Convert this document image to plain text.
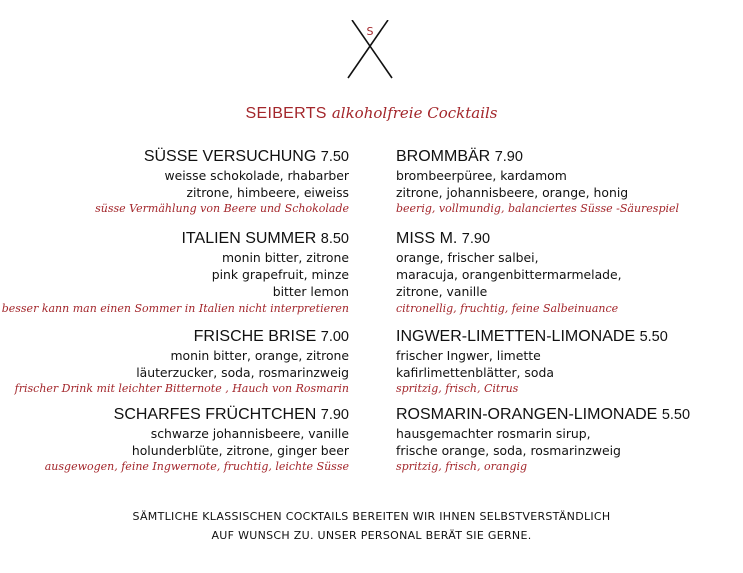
S
SEIBERTS alkoholfreie Cocktails
SÜSSE VERSUCHUNG 7.50
weisse schokolade, rhabarber
zitrone, himbeere, eiweiss
süsse Vermählung von Beere und Schokolade
ITALIEN SUMMER 8.50
monin bitter, zitrone
pink grapefruit, minze
bitter lemon
besser kann man einen Sommer in Italien nicht interpretieren
FRISCHE BRISE 7.00
monin bitter, orange, zitrone
läuterzucker, soda, rosmarinzweig
frischer Drink mit leichter Bitternote , Hauch von Rosmarin
SCHARFES FRÜCHTCHEN 7.90
schwarze johannisbeere, vanille
holunderblüte, zitrone, ginger beer
ausgewogen, feine Ingwernote, fruchtig, leichte Süsse
BROMMBÄR 7.90
brombeerpüree, kardamom
zitrone, johannisbeere, orange, honig
beerig, vollmundig, balanciertes Süsse -Säurespiel
MISS M. 7.90
orange, frischer salbei,
maracuja, orangenbittermarmelade,
zitrone, vanille
citronellig, fruchtig, feine Salbeinuance
INGWER-LIMETTEN-LIMONADE 5.50
frischer Ingwer, limette
kafirlimettenblätter, soda
spritzig, frisch, Citrus
ROSMARIN-ORANGEN-LIMONADE 5.50
hausgemachter rosmarin sirup,
frische orange, soda, rosmarinzweig
spritzig, frisch, orangig
SÄMTLICHE KLASSISCHEN COCKTAILS BEREITEN WIR IHNEN SELBSTVERSTÄNDLICH
AUF WUNSCH ZU. UNSER PERSONAL BERÄT SIE GERNE.
